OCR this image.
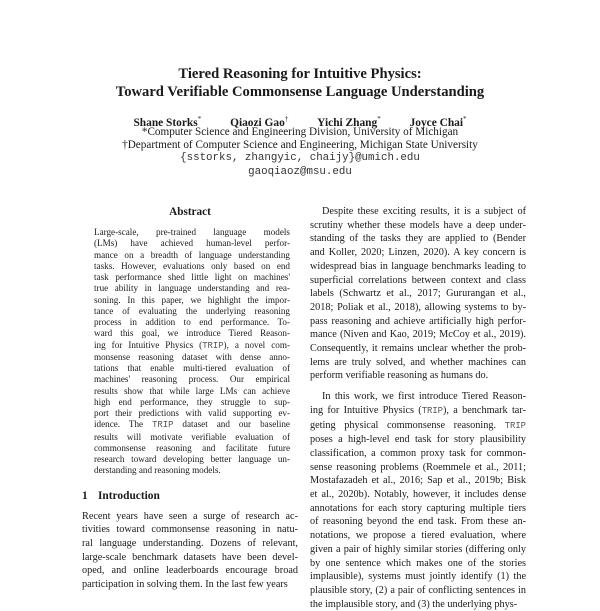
Tiered Reasoning for Intuitive Physics:
Toward Verifiable Commonsense Language Understanding
Shane Storks*	Qiaozi Gao†	Yichi Zhang*	Joyce Chai*
*Computer Science and Engineering Division, University of Michigan
†Department of Computer Science and Engineering, Michigan State University
{sstorks, zhangyic, chaijy}@umich.edu
gaoqiaoz@msu.edu
Abstract
Large-scale, pre-trained language models
(LMs) have achieved human-level perfor-
mance on a breadth of language understanding
tasks. However, evaluations only based on end
task performance shed little light on machines'
true ability in language understanding and rea-
soning. In this paper, we highlight the impor-
tance of evaluating the underlying reasoning
process in addition to end performance. To-
ward this goal, we introduce Tiered Reason-
ing for Intuitive Physics (TRIP), a novel com-
monsense reasoning dataset with dense anno-
tations that enable multi-tiered evaluation of
machines' reasoning process. Our empirical
results show that while large LMs can achieve
high end performance, they struggle to sup-
port their predictions with valid supporting ev-
idence. The TRIP dataset and our baseline
results will motivate verifiable evaluation of
commonsense reasoning and facilitate future
research toward developing better language un-
derstanding and reasoning models.
1 Introduction
Recent years have seen a surge of research ac-
tivities toward commonsense reasoning in natu-
ral language understanding. Dozens of relevant,
large-scale benchmark datasets have been devel-
oped, and online leaderboards encourage broad
participation in solving them. In the last few years
Despite these exciting results, it is a subject of
scrutiny whether these models have a deep under-
standing of the tasks they are applied to (Bender
and Koller, 2020; Linzen, 2020). A key concern is
widespread bias in language benchmarks leading to
superficial correlations between context and class
labels (Schwartz et al., 2017; Gururangan et al.,
2018; Poliak et al., 2018), allowing systems to by-
pass reasoning and achieve artificially high perfor-
mance (Niven and Kao, 2019; McCoy et al., 2019).
Consequently, it remains unclear whether the prob-
lems are truly solved, and whether machines can
perform verifiable reasoning as humans do.
In this work, we first introduce Tiered Reason-
ing for Intuitive Physics (TRIP), a benchmark tar-
geting physical commonsense reasoning. TRIP
poses a high-level end task for story plausibility
classification, a common proxy task for common-
sense reasoning problems (Roemmele et al., 2011;
Mostafazadeh et al., 2016; Sap et al., 2019b; Bisk
et al., 2020b). Notably, however, it includes dense
annotations for each story capturing multiple tiers
of reasoning beyond the end task. From these an-
notations, we propose a tiered evaluation, where
given a pair of highly similar stories (differing only
by one sentence which makes one of the stories
implausible), systems must jointly identify (1) the
plausible story, (2) a pair of conflicting sentences in
the implausible story, and (3) the underlying phys-
